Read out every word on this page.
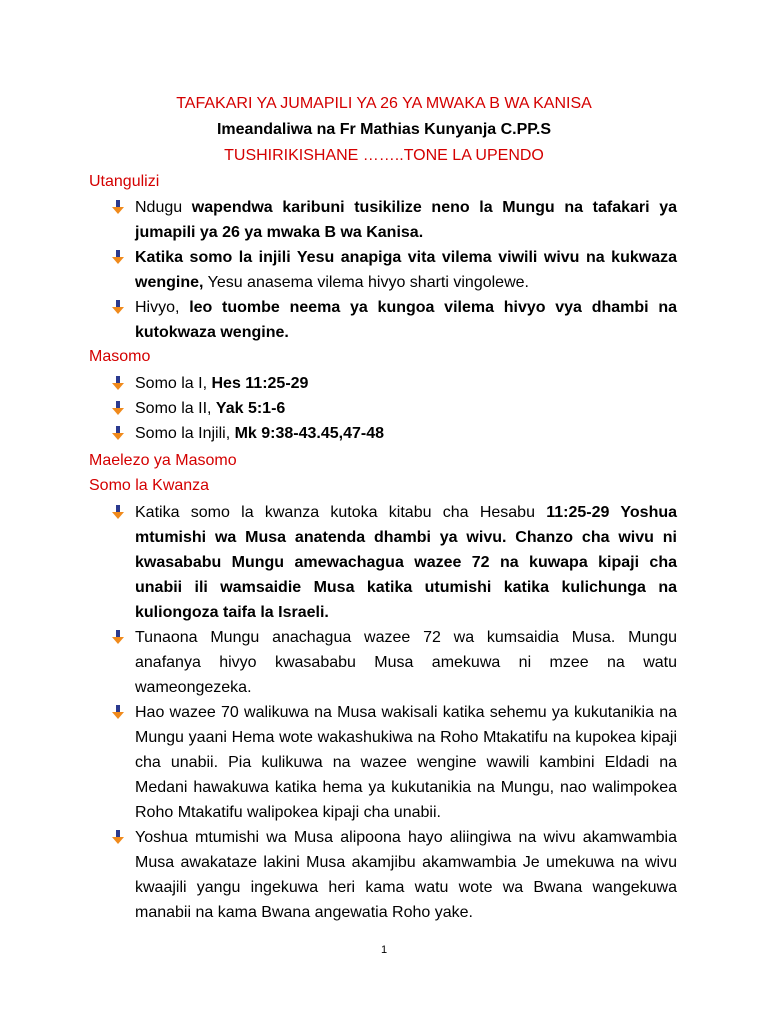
TAFAKARI YA JUMAPILI YA 26 YA MWAKA B WA KANISA
Imeandaliwa na Fr Mathias Kunyanja C.PP.S
TUSHIRIKISHANE ……..TONE LA UPENDO
Utangulizi
Ndugu wapendwa karibuni tusikilize neno la Mungu na tafakari ya jumapili ya 26 ya mwaka B wa Kanisa.
Katika somo la injili Yesu anapiga vita vilema viwili wivu na kukwaza wengine, Yesu anasema vilema hivyo sharti vingolewe.
Hivyo, leo tuombe neema ya kungoa vilema hivyo vya dhambi na kutokwaza wengine.
Masomo
Somo la I, Hes 11:25-29
Somo la II, Yak 5:1-6
Somo la Injili, Mk 9:38-43.45,47-48
Maelezo ya Masomo
Somo la Kwanza
Katika somo la kwanza kutoka kitabu cha Hesabu 11:25-29 Yoshua mtumishi wa Musa anatenda dhambi ya wivu. Chanzo cha wivu ni kwasababu Mungu amewachagua wazee 72 na kuwapa kipaji cha unabii ili wamsaidie Musa katika utumishi katika kulichunga na kuliongoza taifa la Israeli.
Tunaona Mungu anachagua wazee 72 wa kumsaidia Musa. Mungu anafanya hivyo kwasababu Musa amekuwa ni mzee na watu wameongezeka.
Hao wazee 70 walikuwa na Musa wakisali katika sehemu ya kukutanikia na Mungu yaani Hema wote wakashukiwa na Roho Mtakatifu na kupokea kipaji cha unabii. Pia kulikuwa na wazee wengine wawili kambini Eldadi na Medani hawakuwa katika hema ya kukutanikia na Mungu, nao walimpokea Roho Mtakatifu walipokea kipaji cha unabii.
Yoshua mtumishi wa Musa alipoona hayo aliingiwa na wivu akamwambia Musa awakataze lakini Musa akamjibu akamwambia Je umekuwa na wivu kwaajili yangu ingekuwa heri kama watu wote wa Bwana wangekuwa manabii na kama Bwana angewatia Roho yake.
1
